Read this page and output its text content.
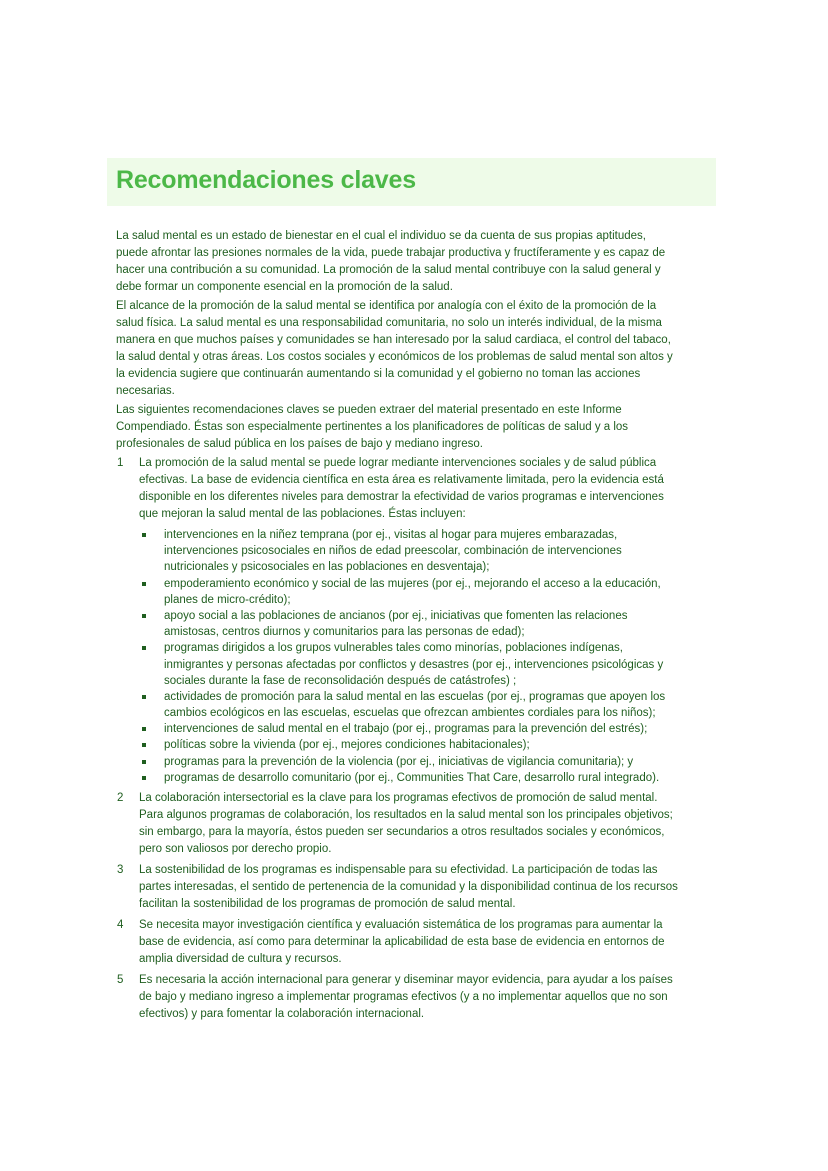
Recomendaciones claves
La salud mental es un estado de bienestar en el cual el individuo se da cuenta de sus propias aptitudes,
puede afrontar las presiones normales de la vida, puede trabajar productiva y fructíferamente y es capaz de
hacer una contribución a su comunidad. La promoción de la salud mental contribuye con la salud general y
debe formar un componente esencial en la promoción de la salud.
El alcance de la promoción de la salud mental se identifica por analogía con el éxito de la promoción de la
salud física. La salud mental es una responsabilidad comunitaria, no solo un interés individual, de la misma
manera en que muchos países y comunidades se han interesado por la salud cardiaca, el control del tabaco,
la salud dental y otras áreas. Los costos sociales y económicos de los problemas de salud mental son altos y
la evidencia sugiere que continuarán aumentando si la comunidad y el gobierno no toman las acciones
necesarias.
Las siguientes recomendaciones claves se pueden extraer del material presentado en este Informe
Compendiado. Éstas son especialmente pertinentes a los planificadores de políticas de salud y a los
profesionales de salud pública en los países de bajo y mediano ingreso.
1 La promoción de la salud mental se puede lograr mediante intervenciones sociales y de salud pública
efectivas. La base de evidencia científica en esta área es relativamente limitada, pero la evidencia está
disponible en los diferentes niveles para demostrar la efectividad de varios programas e intervenciones
que mejoran la salud mental de las poblaciones. Éstas incluyen:
intervenciones en la niñez temprana (por ej., visitas al hogar para mujeres embarazadas,
intervenciones psicosociales en niños de edad preescolar, combinación de intervenciones
nutricionales y psicosociales en las poblaciones en desventaja);
empoderamiento económico y social de las mujeres (por ej., mejorando el acceso a la educación,
planes de micro-crédito);
apoyo social a las poblaciones de ancianos (por ej., iniciativas que fomenten las relaciones
amistosas, centros diurnos y comunitarios para las personas de edad);
programas dirigidos a los grupos vulnerables tales como minorías, poblaciones indígenas,
inmigrantes y personas afectadas por conflictos y desastres (por ej., intervenciones psicológicas y
sociales durante la fase de reconsolidación después de catástrofes) ;
actividades de promoción para la salud mental en las escuelas (por ej., programas que apoyen los
cambios ecológicos en las escuelas, escuelas que ofrezcan ambientes cordiales para los niños);
intervenciones de salud mental en el trabajo (por ej., programas para la prevención del estrés);
políticas sobre la vivienda (por ej., mejores condiciones habitacionales);
programas para la prevención de la violencia (por ej., iniciativas de vigilancia comunitaria); y
programas de desarrollo comunitario (por ej., Communities That Care, desarrollo rural integrado).
2 La colaboración intersectorial es la clave para los programas efectivos de promoción de salud mental.
Para algunos programas de colaboración, los resultados en la salud mental son los principales objetivos;
sin embargo, para la mayoría, éstos pueden ser secundarios a otros resultados sociales y económicos,
pero son valiosos por derecho propio.
3 La sostenibilidad de los programas es indispensable para su efectividad. La participación de todas las
partes interesadas, el sentido de pertenencia de la comunidad y la disponibilidad continua de los recursos
facilitan la sostenibilidad de los programas de promoción de salud mental.
4 Se necesita mayor investigación científica y evaluación sistemática de los programas para aumentar la
base de evidencia, así como para determinar la aplicabilidad de esta base de evidencia en entornos de
amplia diversidad de cultura y recursos.
5 Es necesaria la acción internacional para generar y diseminar mayor evidencia, para ayudar a los países
de bajo y mediano ingreso a implementar programas efectivos (y a no implementar aquellos que no son
efectivos) y para fomentar la colaboración internacional.
